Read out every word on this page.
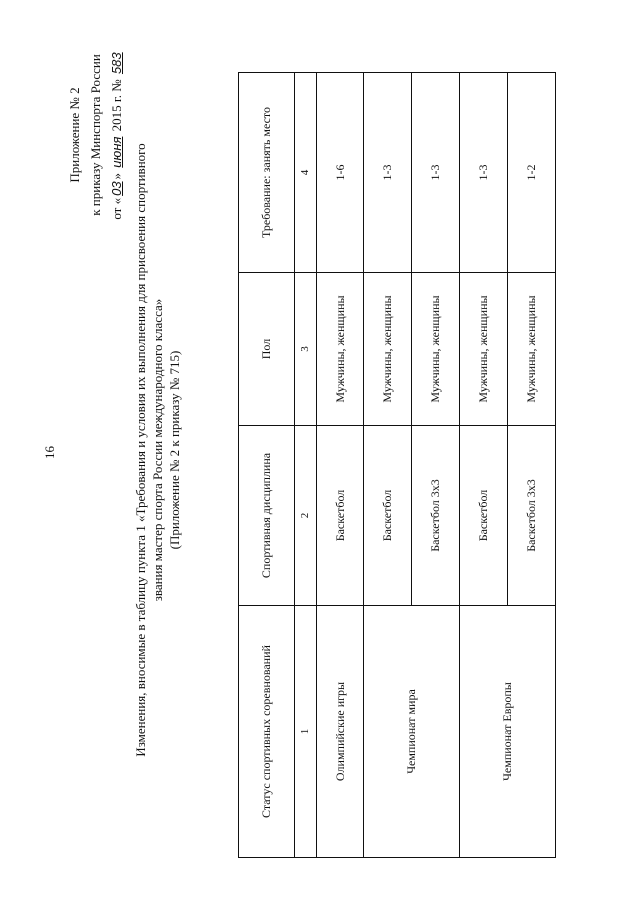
16
Приложение № 2 к приказу Минспорта России от «03» июня 2015 г. № 583
Изменения, вносимые в таблицу пункта 1 «Требования и условия их выполнения для присвоения спортивного звания мастер спорта России международного класса» (Приложение № 2 к приказу № 715)
Статус спортивных соревнований	Спортивная дисциплина	Пол	Требование: занять место
1	2	3	4
Олимпийские игры	Баскетбол	Мужчины, женщины	1-6
Чемпионат мира	Баскетбол	Мужчины, женщины	1-3
	Баскетбол 3х3	Мужчины, женщины	1-3
Чемпионат Европы	Баскетбол	Мужчины, женщины	1-3
	Баскетбол 3х3	Мужчины, женщины	1-2
